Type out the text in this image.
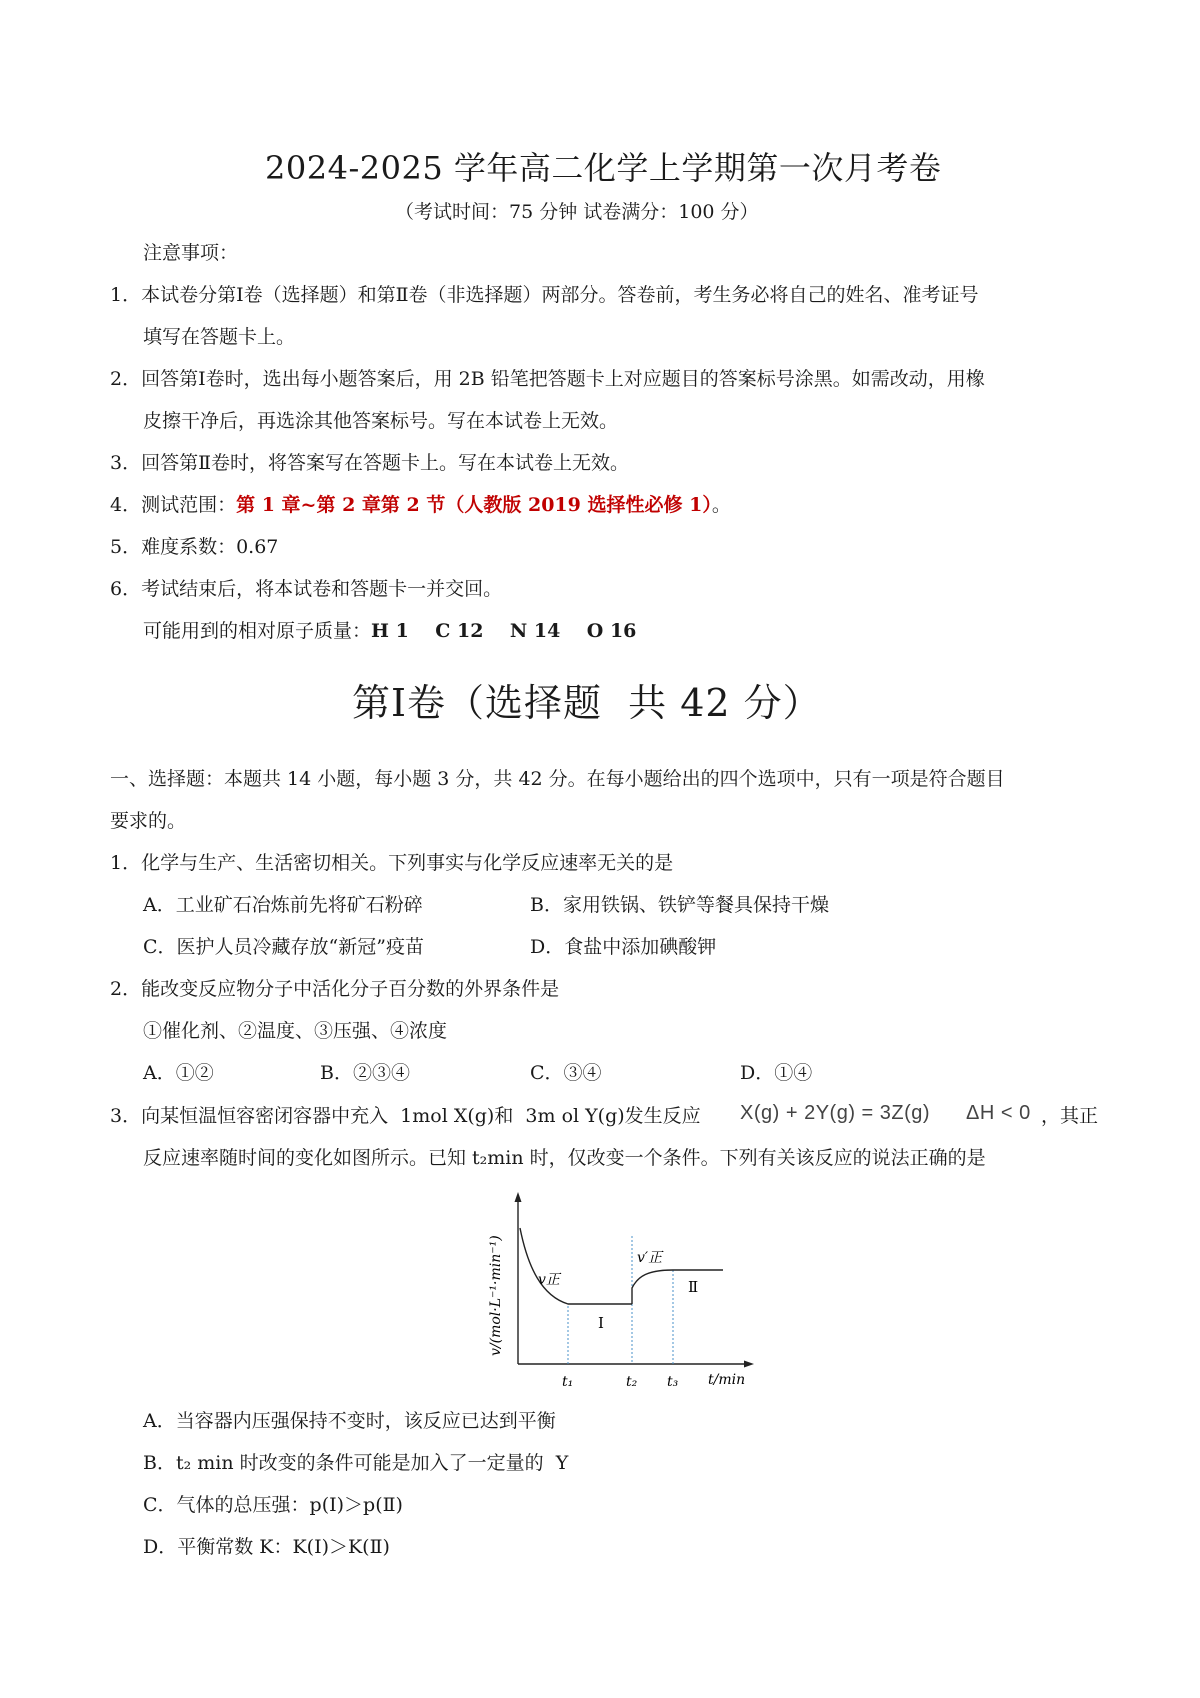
2024-2025 学年高二化学上学期第一次月考卷
（考试时间：75 分钟 试卷满分：100 分）
注意事项：
1．本试卷分第Ⅰ卷（选择题）和第Ⅱ卷（非选择题）两部分。答卷前，考生务必将自己的姓名、准考证号
填写在答题卡上。
2．回答第Ⅰ卷时，选出每小题答案后，用 2B 铅笔把答题卡上对应题目的答案标号涂黑。如需改动，用橡
皮擦干净后，再选涂其他答案标号。写在本试卷上无效。
3．回答第Ⅱ卷时，将答案写在答题卡上。写在本试卷上无效。
4．测试范围：第 1 章~第 2 章第 2 节（人教版 2019 选择性必修 1）。
5．难度系数：0.67
6．考试结束后，将本试卷和答题卡一并交回。
可能用到的相对原子质量：H 1    C 12    N 14    O 16
第Ⅰ卷（选择题  共 42 分）
一、选择题：本题共 14 小题，每小题 3 分，共 42 分。在每小题给出的四个选项中，只有一项是符合题目
要求的。
1．化学与生产、生活密切相关。下列事实与化学反应速率无关的是
A．工业矿石冶炼前先将矿石粉碎	B．家用铁锅、铁铲等餐具保持干燥
C．医护人员冷藏存放“新冠”疫苗	D．食盐中添加碘酸钾
2．能改变反应物分子中活化分子百分数的外界条件是
①催化剂、②温度、③压强、④浓度
A．①②	B．②③④	C．③④	D．①④
3．向某恒温恒容密闭容器中充入  1mol X(g)和  3m ol Y(g)发生反应 X(g) + 2Y(g) = 3Z(g) ΔH < 0 ，其正
反应速率随时间的变化如图所示。已知 t₂min 时，仅改变一个条件。下列有关该反应的说法正确的是
v/(mol·L⁻¹·min⁻¹) v正
v′正
Ⅰ
Ⅱ
t₁	t₂ t₃ t/min
A．当容器内压强保持不变时，该反应已达到平衡
B．t₂ min 时改变的条件可能是加入了一定量的  Y
C．气体的总压强：p(Ⅰ)＞p(Ⅱ)
D．平衡常数 K：K(Ⅰ)＞K(Ⅱ)
